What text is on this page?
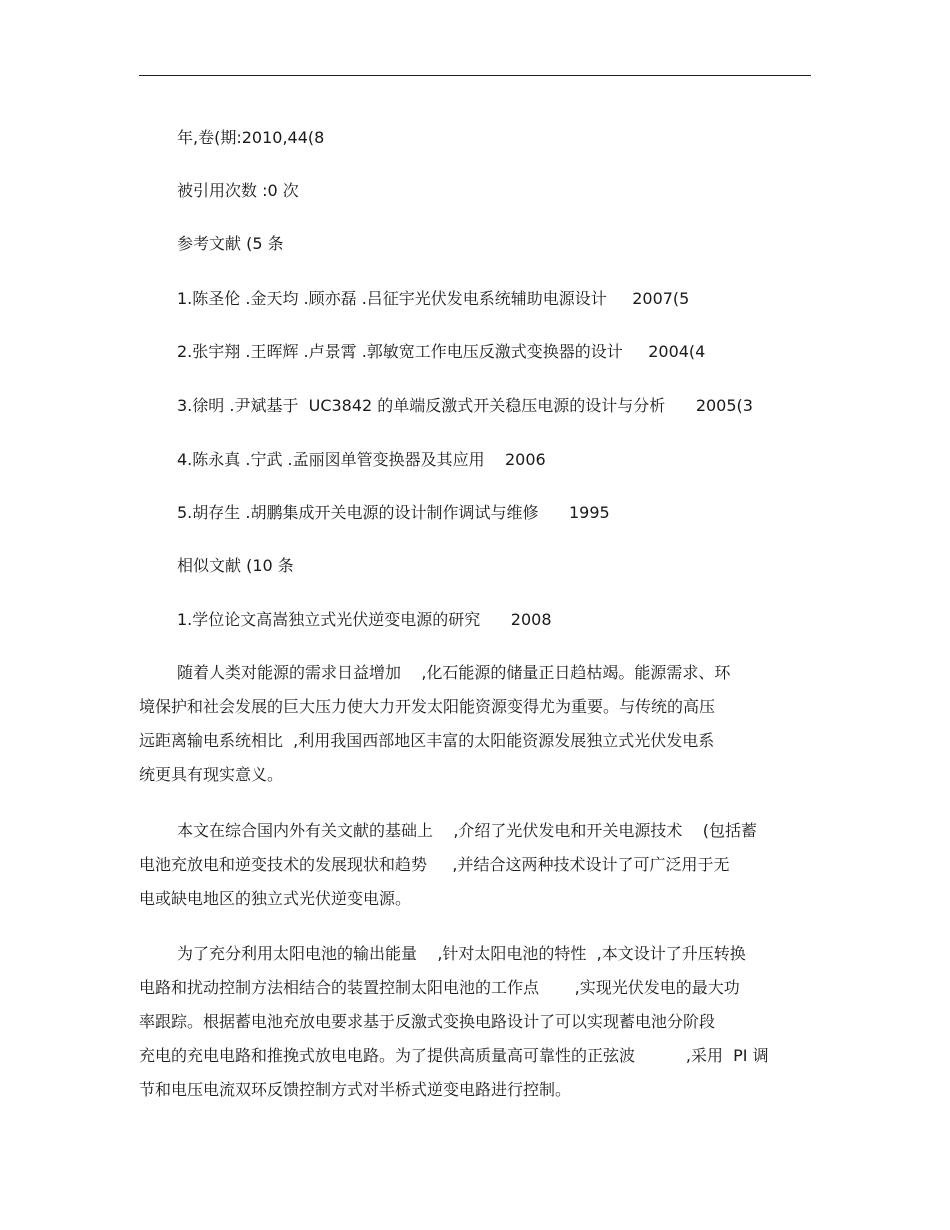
年,卷(期:2010,44(8
被引用次数 :0 次
参考文献 (5 条
1.陈圣伦 .金天均 .顾亦磊 .吕征宇光伏发电系统辅助电源设计     2007(5
2.张宇翔 .王晖辉 .卢景霄 .郭敏宽工作电压反激式变换器的设计     2004(4
3.徐明 .尹斌基于  UC3842 的单端反激式开关稳压电源的设计与分析      2005(3
4.陈永真 .宁武 .孟丽図单管变换器及其应用    2006
5.胡存生 .胡鹏集成开关电源的设计制作调试与维修      1995
相似文献 (10 条
1.学位论文高嵩独立式光伏逆变电源的研究      2008
随着人类对能源的需求日益增加    ,化石能源的储量正日趋枯竭。能源需求、环
境保护和社会发展的巨大压力使大力开发太阳能资源变得尤为重要。与传统的高压
远距离输电系统相比  ,利用我国西部地区丰富的太阳能资源发展独立式光伏发电系
统更具有现实意义。
本文在综合国内外有关文献的基础上    ,介绍了光伏发电和开关电源技术    (包括蓄
电池充放电和逆变技术的发展现状和趋势     ,并结合这两种技术设计了可广泛用于无
电或缺电地区的独立式光伏逆变电源。
为了充分利用太阳电池的输出能量    ,针对太阳电池的特性  ,本文设计了升压转换
电路和扰动控制方法相结合的装置控制太阳电池的工作点       ,实现光伏发电的最大功
率跟踪。根据蓄电池充放电要求基于反激式变换电路设计了可以实现蓄电池分阶段
充电的充电电路和推挽式放电电路。为了提供高质量高可靠性的正弦波          ,采用  PI 调
节和电压电流双环反馈控制方式对半桥式逆变电路进行控制。
